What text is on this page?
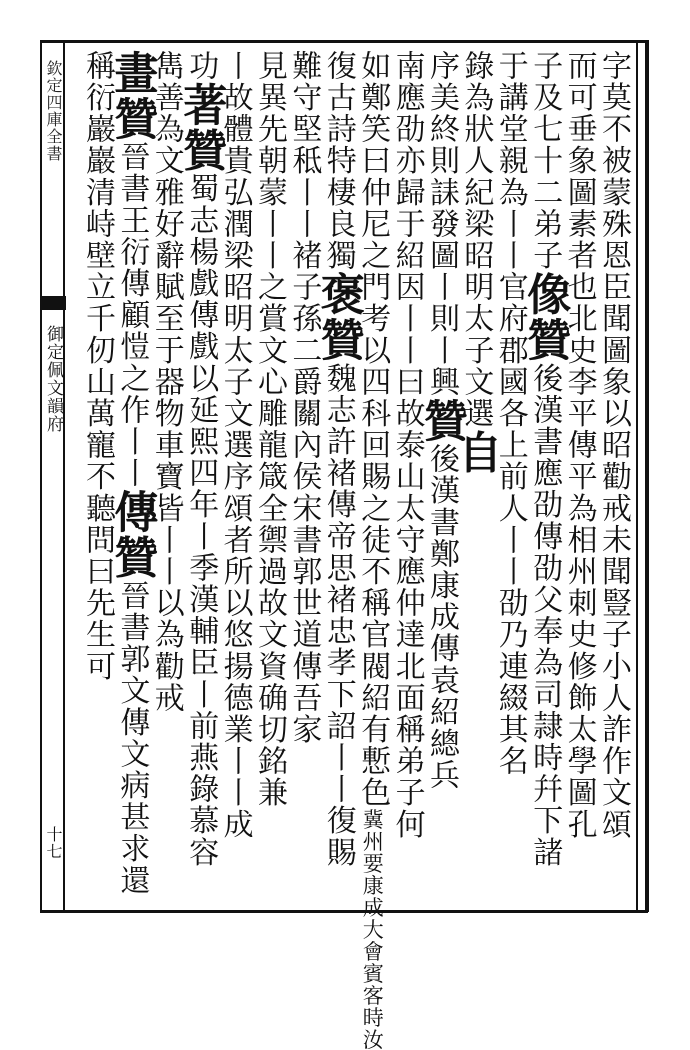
欽定四庫全書
御定佩文韻府
十七
字莫不被蒙殊恩臣聞圖象以昭勸戒未聞豎子小人詐作文頌
而可垂象圖素者也北史李平傳平為相州刺史修飾太學圖孔
子及七十二弟子像贊後漢書應劭傳劭父奉為司隷時幷下諸
于講堂親為丨丨官府郡國各上前人丨丨劭乃連綴其名
錄為狀人紀梁昭明太子文選自
序美終則誄發圖丨則丨興贊後漢書鄭康成傳袁紹總兵
南應劭亦歸于紹因丨丨曰故泰山太守應仲達北面稱弟子何
如鄭笑曰仲尼之門考以四科回賜之徒不稱官閥紹有慙色冀州要康成大會賓客時汝
復古詩特棲良獨褒贊魏志許褚傳帝思褚忠孝下詔丨丨復賜
難守堅秪丨丨褚子孫二爵關內侯宋書郭世道傳吾家
見異先朝蒙丨丨之賞文心雕龍箴全禦過故文資确切銘兼
丨故體貴弘潤梁昭明太子文選序頌者所以悠揚德業丨丨成
功著贊蜀志楊戲傳戲以延熙四年丨季漢輔臣丨前燕錄慕容
雋善為文雅好辭賦至于器物車寶皆丨丨以為勸戒
畫贊晉書王衍傳顧愷之作丨丨傳贊晉書郭文傳文病甚求還
稱衍巖巖清峙壁立千仞山萬寵不聽問曰先生可
